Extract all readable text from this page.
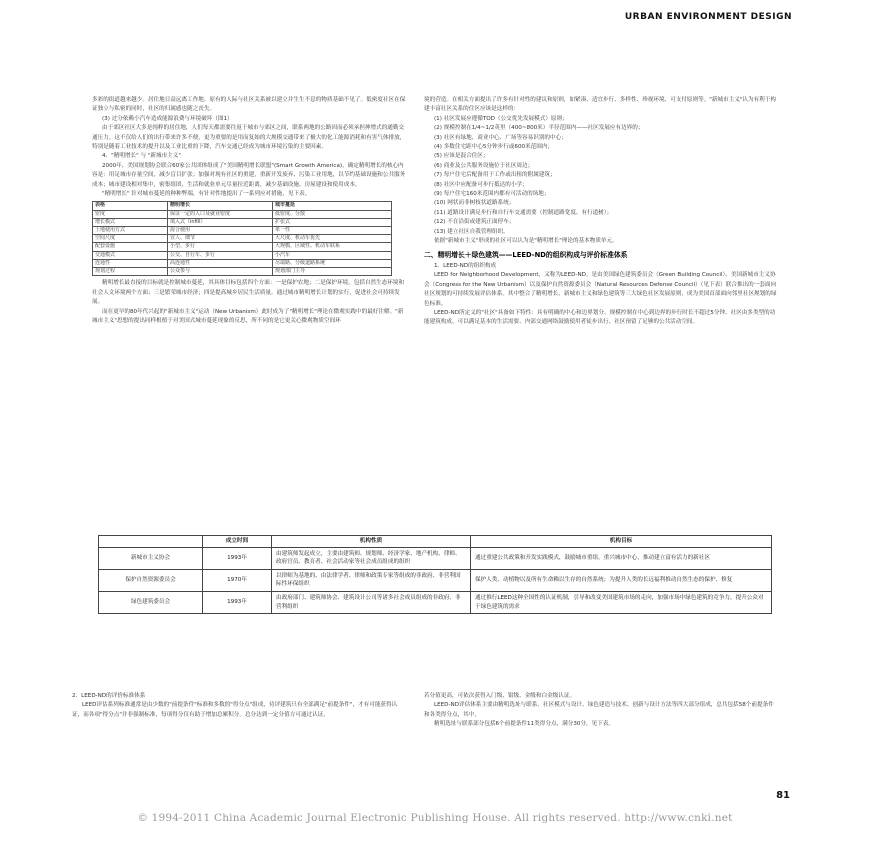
URBAN ENVIRONMENT DESIGN

多彩的街道越来越少。居住地日益远离工作地。原有的人际与社区关系被以建立并生生不息的物质基础不见了。低密度社区在保证独立与私密的同时，社区的归属感也随之丧失。

(3) 过分依赖小汽车造成能源浪费与环境破坏（图1）

由于郊区社区大多是纯粹的居住地，人们每天都需要往返于城市与郊区之间，联系两地的公路因而必须承担抻增式的通勤交通压力。这不仅给人们的出行带来许多不便，更为重要的是用而复始的大规模交通带来了极大的化工能源消耗和有害气体排放，特别是随着工业技术的提升以及工业比重的下降，汽车交通已经成为城市环境污染的主要因素。

4．"精明增长" 与 "新城市主义"

2000年，美国规划协会联合60家公共团体组成了"美国精明增长联盟"(Smart Growth America)，确定精明增长的核心内容是：用足城市存量空间，减少盲目扩张；加强对现有社区的重建，重新开发废弃、污染工业用地，以节约基础设施和公共服务成本；城市建设相对集中，密集组团，生活和就业单元尽量拉近距离，减少基础设施、房屋建设和使用成本。

"精明增长" 针对城市蔓延的种种弊端，有针对性地提出了一系列应对措施，见下表。

表格	精明增长	城市蔓延
密度	保证一定的人口及就业密度	低密度、分散
增长模式	填入式（infill）	扩张式
土地使用方式	混合使用	单一性
空间尺度	宜人、细节	大尺度、机动车优先
配套设施	小型、步行	大规模、区域性、机动车联系
交通模式	公交、自行车、步行	小汽车
连通性	高连通性	尽端路、分级道路系统
规划过程	公众参与	规划部门主导

精明增长最直接的目标就是控制城市蔓延，其具体目标包括四个方面：一是保护农地；二是保护环境，包括自然生态环境和社会人文环境两个方面；三是繁荣城市经济；四是提高城乡居民生活质量。通过城市精明增长计划的实行，促进社会可持续发展。

而在更早的80年代兴起的"新城市主义"运动（New Urbanism）此时成为了"精明增长"理论在微观实践中的最好注解。"新城市主义"思想的提出同样根植于对美国式城市蔓延现象的反思，所不同的是它更关心微观物质空间环

境的营造。在相关方面提出了许多有针对性的建议和原则，如紧凑、适宜步行、多样性、珍视环境、可支付原则等。"新城市主义"认为有利于构建丰富社区关系的住区应该是这样的：

(1) 社区发展应遵循TOD（公交优先发展模式）原则；

(2) 规模控制在1/4~1/2英里（400~800米）半径范围内——社区发展应有边界的；

(3) 社区有绿地、商业中心、广场等容易识别的中心；

(4) 多数住宅距中心5分钟步行或600米范围内；

(5) 应该是混合住区；

(6) 商业及公共服务设施位于社区周边；

(7) 每户住宅后配备用于工作或出租的附属建筑；

(8) 社区中应配备可步行抵达的小学；

(9) 每户住宅160米范围内都有可活动的场地；

(10) 网状而非树枝状道路系统；

(11) 道路设计满足步行和自行车交通需要（控制道路宽度、有行道树）；

(12) 不在沿街或建筑正面停车；

(13) 建立社区自我管理组织。

依据"新城市主义"形成的社区可以认为是"精明增长"理论的基本物质单元。

二、精明增长＋绿色建筑——LEED-ND的组织构成与评价标准体系

1．LEED-ND的组织构成

LEED for Neighborhood Development，又称为LEED-ND。是由美国绿色建筑委员会（Green Building Council）、美国新城市主义协会（Congress for the New Urbanism）以及保护自然资源委员会（Natural Resources Defense Council）（见下表）联合推出的一套面向社区规划的可持续发展评估体系。其中整合了精明增长、新城市主义和绿色建筑等三大绿色社区发展原则，成为美国首部面向邻里社区规划的绿色标准。

LEED-ND所定义的"社区"具备如下特性：具有明确的中心和边界划分、规模控制在中心到边界的步行时长不超过5分钟、社区由多类型的功能建筑构成、可以满足基本的生活需要、内部交通网络鼓励使用者徒步出行、社区预留了足够的公共活动空间。

	成立时间	机构性质	机构目标
新城市主义协会	1993年	由建筑师发起成立，主要由建筑师、规划师、经济学家、地产机构、律师、政府官员、教育者、社会活动家等社会成员组成的组织	通过重建公共政策和开发实践模式，鼓励城市重组，重兴城市中心，推动建立富有活力的新社区
保护自然资源委员会	1970年	以律师为基地的、由法律学者、律师和政策专家等组成的非政府、非营利国际性环保组织	保护人类、动植物以及所有生命赖以生存的自然系统；为提升人类的长远福利推动自然生态的保护、修复
绿色建筑委员会	1993年	由政府部门、建筑师协会、建筑设计公司等诸多社会成员组成的非政府、非营利组织	通过推行LEED这种全国性的认证机制，引导和改变美国建筑市场的走向，加强市场中绿色建筑的竞争力，提升公众对于绿色建筑的需求

2．LEED-ND的评价标准体系

LEED评估系列标准通常是由少数的"前提条件"标准和多数的"得分点"组成，待评建筑只有全部满足"前提条件"，才有可能获得认证，而各项"得分点"并非强制标准，每项得分仅有助于增加总累积分。总分达到一定分值方可通过认证，

若分值更高，可依次获得入门级、银级、金级和白金级认证。

LEED-ND评估体系主要由精明选址与联系、社区模式与设计、绿色建造与技术、创新与设计方法等四大部分组成，总共包括58个前提条件和各类得分点，其中，

精明选址与联系部分包括6个前提条件11类得分点，满分30分，见下表。

81
© 1994-2011 China Academic Journal Electronic Publishing House. All rights reserved. http://www.cnki.net
